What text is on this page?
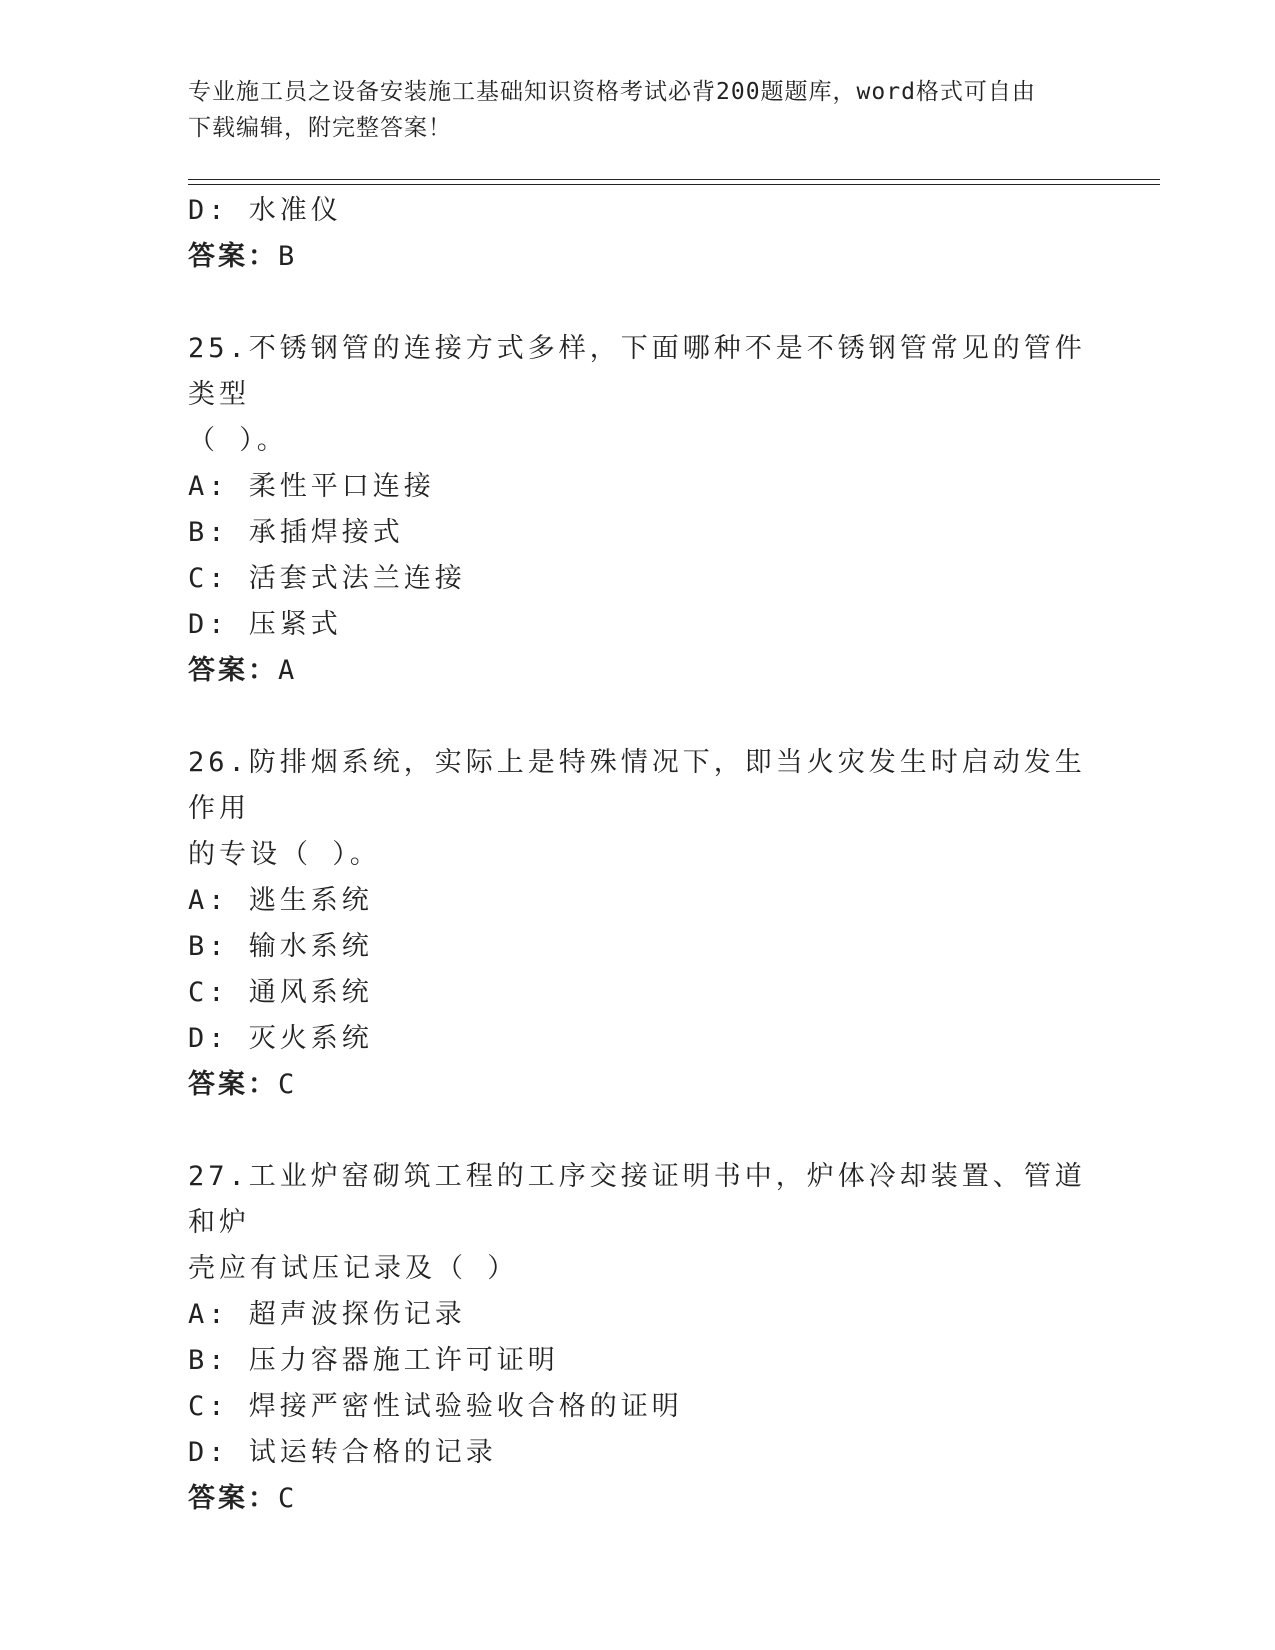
专业施工员之设备安装施工基础知识资格考试必背200题题库，word格式可自由
下载编辑，附完整答案！
D: 水准仪
答案：B
25.不锈钢管的连接方式多样，下面哪种不是不锈钢管常见的管件类型
（ ）。
A: 柔性平口连接
B: 承插焊接式
C: 活套式法兰连接
D: 压紧式
答案：A
26.防排烟系统，实际上是特殊情况下，即当火灾发生时启动发生作用
的专设（ ）。
A: 逃生系统
B: 输水系统
C: 通风系统
D: 灭火系统
答案：C
27.工业炉窑砌筑工程的工序交接证明书中，炉体冷却装置、管道和炉
壳应有试压记录及（ ）
A: 超声波探伤记录
B: 压力容器施工许可证明
C: 焊接严密性试验验收合格的证明
D: 试运转合格的记录
答案：C
